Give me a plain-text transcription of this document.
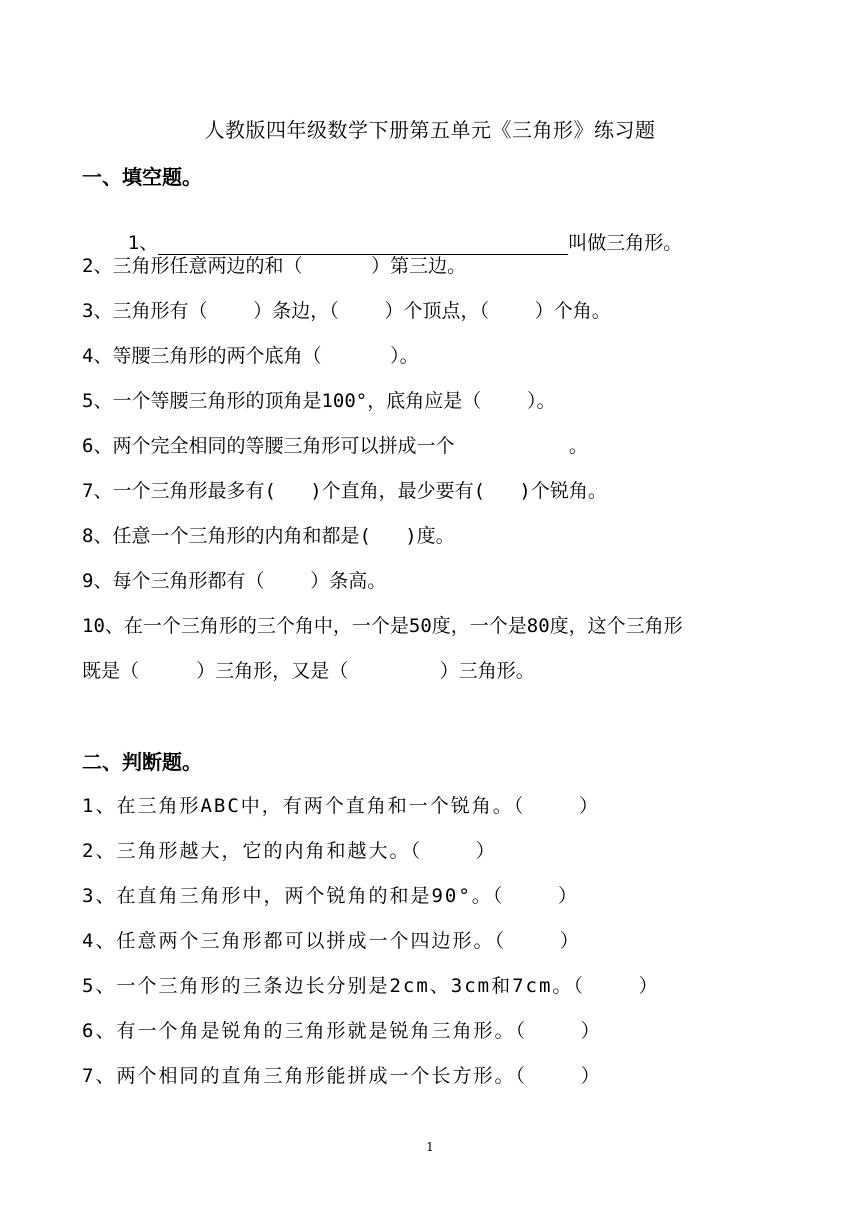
人教版四年级数学下册第五单元《三角形》练习题
一、填空题。

1、	叫做三角形。

2、三角形任意两边的和（      ）第三边。
3、三角形有（    ）条边，（    ）个顶点，（    ）个角。
4、等腰三角形的两个底角（      ）。
5、一个等腰三角形的顶角是100°，底角应是（    ）。
6、两个完全相同的等腰三角形可以拼成一个          。
7、一个三角形最多有(   )个直角，最少要有(   )个锐角。
8、任意一个三角形的内角和都是(   )度。
9、每个三角形都有（    ）条高。
10、在一个三角形的三个角中，一个是50度，一个是80度，这个三角形
既是（     ）三角形，又是（        ）三角形。
二、判断题。
1、在三角形ABC中，有两个直角和一个锐角。（    ）
2、三角形越大，它的内角和越大。（    ）
3、在直角三角形中，两个锐角的和是90°。（    ）
4、任意两个三角形都可以拼成一个四边形。（    ）
5、一个三角形的三条边长分别是2cm、3cm和7cm。（    ）
6、有一个角是锐角的三角形就是锐角三角形。（    ）
7、两个相同的直角三角形能拼成一个长方形。（    ）
1
